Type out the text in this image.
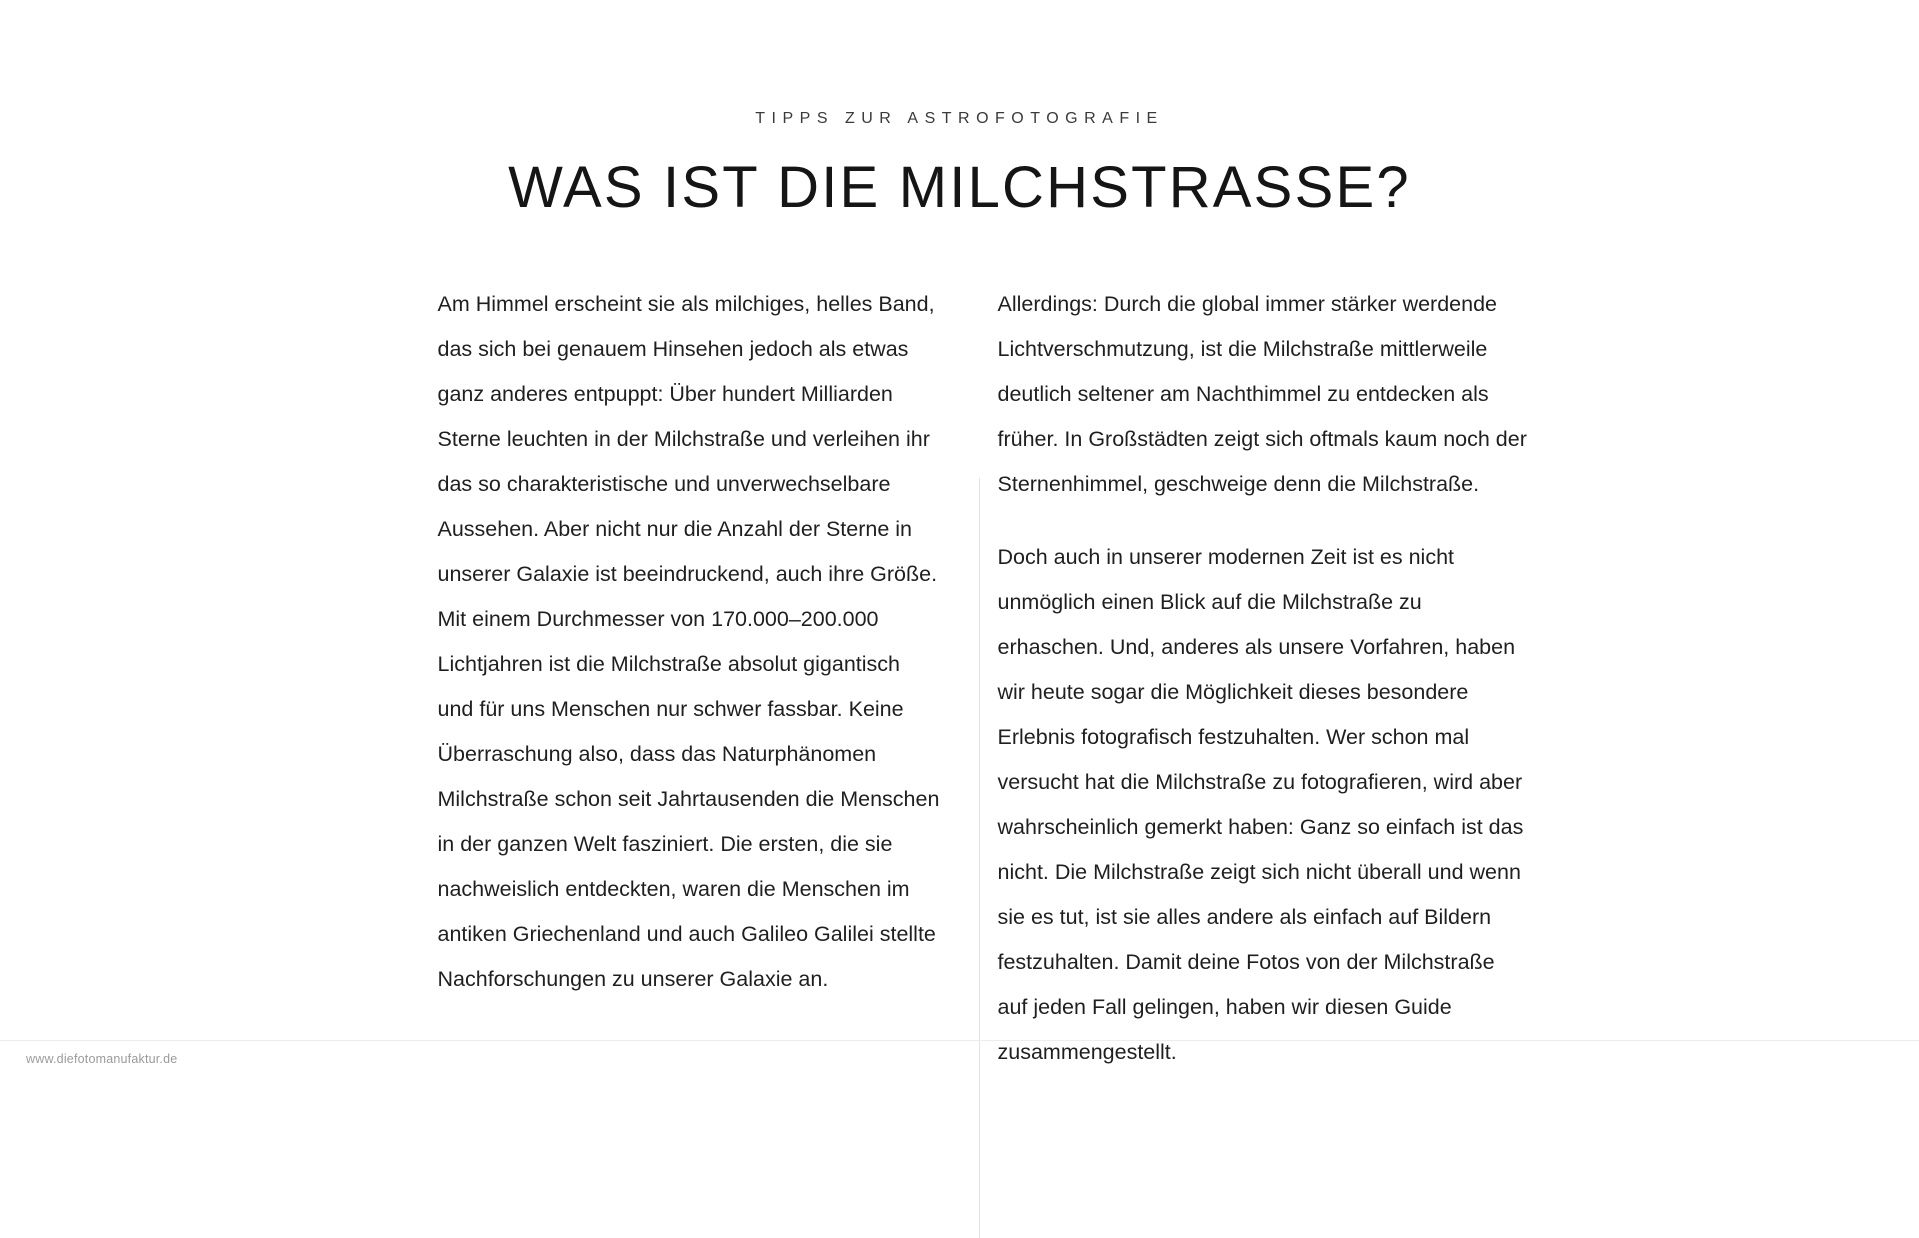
TIPPS ZUR ASTROFOTOGRAFIE
WAS IST DIE MILCHSTRASSE?

Am Himmel erscheint sie als milchiges, helles Band, das sich bei genauem Hinsehen jedoch als etwas ganz anderes entpuppt: Über hundert Milliarden Sterne leuchten in der Milchstraße und verleihen ihr das so charakteristische und unverwechselbare Aussehen. Aber nicht nur die Anzahl der Sterne in unserer Galaxie ist beeindruckend, auch ihre Größe. Mit einem Durchmesser von 170.000–200.000 Lichtjahren ist die Milchstraße absolut gigantisch und für uns Menschen nur schwer fassbar. Keine Überraschung also, dass das Naturphänomen Milchstraße schon seit Jahrtausenden die Menschen in der ganzen Welt fasziniert. Die ersten, die sie nachweislich entdeckten, waren die Menschen im antiken Griechenland und auch Galileo Galilei stellte Nachforschungen zu unserer Galaxie an.

Allerdings: Durch die global immer stärker werdende Lichtverschmutzung, ist die Milchstraße mittlerweile deutlich seltener am Nachthimmel zu entdecken als früher. In Großstädten zeigt sich oftmals kaum noch der Sternenhimmel, geschweige denn die Milchstraße.

Doch auch in unserer modernen Zeit ist es nicht unmöglich einen Blick auf die Milchstraße zu erhaschen. Und, anderes als unsere Vorfahren, haben wir heute sogar die Möglichkeit dieses besondere Erlebnis fotografisch festzuhalten. Wer schon mal versucht hat die Milchstraße zu fotografieren, wird aber wahrscheinlich gemerkt haben: Ganz so einfach ist das nicht. Die Milchstraße zeigt sich nicht überall und wenn sie es tut, ist sie alles andere als einfach auf Bildern festzuhalten. Damit deine Fotos von der Milchstraße auf jeden Fall gelingen, haben wir diesen Guide zusammengestellt.

www.diefotomanufaktur.de
